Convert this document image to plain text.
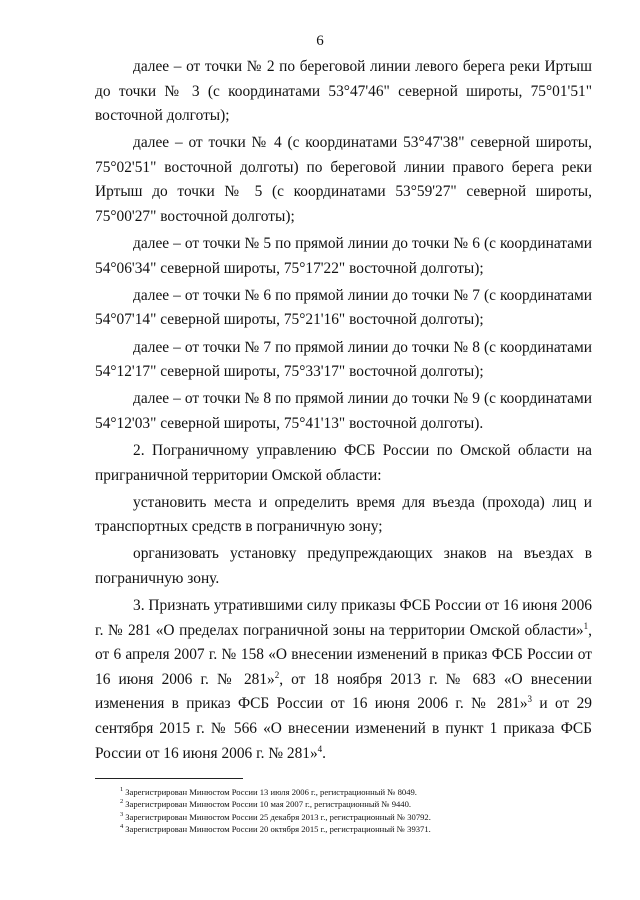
6

далее – от точки № 2 по береговой линии левого берега реки Иртыш до точки № 3 (с координатами 53°47'46" северной широты, 75°01'51" восточной долготы);

далее – от точки № 4 (с координатами 53°47'38" северной широты, 75°02'51" восточной долготы) по береговой линии правого берега реки Иртыш до точки № 5 (с координатами 53°59'27" северной широты, 75°00'27" восточной долготы);

далее – от точки № 5 по прямой линии до точки № 6 (с координатами 54°06'34" северной широты, 75°17'22" восточной долготы);

далее – от точки № 6 по прямой линии до точки № 7 (с координатами 54°07'14" северной широты, 75°21'16" восточной долготы);

далее – от точки № 7 по прямой линии до точки № 8 (с координатами 54°12'17" северной широты, 75°33'17" восточной долготы);

далее – от точки № 8 по прямой линии до точки № 9 (с координатами 54°12'03" северной широты, 75°41'13" восточной долготы).

2. Пограничному управлению ФСБ России по Омской области на приграничной территории Омской области:

установить места и определить время для въезда (прохода) лиц и транспортных средств в пограничную зону;

организовать установку предупреждающих знаков на въездах в пограничную зону.

3. Признать утратившими силу приказы ФСБ России от 16 июня 2006 г. № 281 «О пределах пограничной зоны на территории Омской области»$^1$, от 6 апреля 2007 г. № 158 «О внесении изменений в приказ ФСБ России от 16 июня 2006 г. № 281»$^2$, от 18 ноября 2013 г. № 683 «О внесении изменения в приказ ФСБ России от 16 июня 2006 г. № 281»$^3$ и от 29 сентября 2015 г. № 566 «О внесении изменений в пункт 1 приказа ФСБ России от 16 июня 2006 г. № 281»$^4$.

$^1$ Зарегистрирован Минюстом России 13 июля 2006 г., регистрационный № 8049.

$^2$ Зарегистрирован Минюстом России 10 мая 2007 г., регистрационный № 9440.

$^3$ Зарегистрирован Минюстом России 25 декабря 2013 г., регистрационный № 30792.

$^4$ Зарегистрирован Минюстом России 20 октября 2015 г., регистрационный № 39371.
